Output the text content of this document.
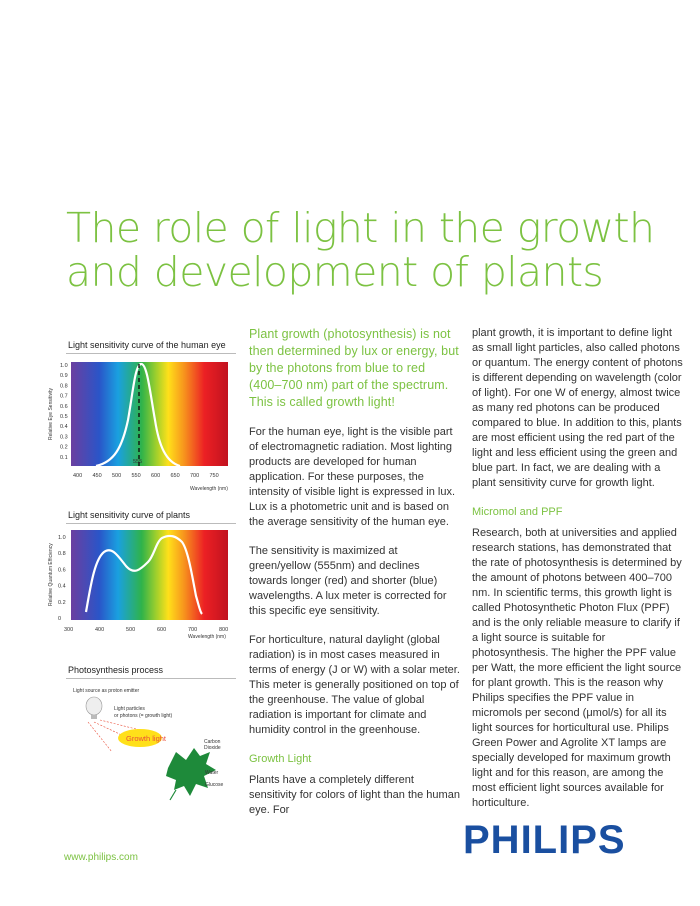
The role of light in the growth
and development of plants
Light sensitivity curve of the human eye
1.0
0.9
0.8
0.7
0.6
0.5
0.4
0.3
0.2
0.1
400 450 500 550 600 650 700 750
555
Wavelength (nm)
Relative Eye Sensitivity
Light sensitivity curve of plants
1.0
0.8
0.6
0.4
0.2
0
300	400	500	600	700	800
Wavelength (nm)
Relative Quantum Efficiency
Photosynthesis process
Light source as proton emitter
Light particles
or photons (= growth light)
Growth light	Carbon
Dioxide
Water
Glucose

Plant growth (photosynthesis) is not then determined by lux or energy, but by the photons from blue to red (400–700 nm) part of the spectrum. This is called growth light!

For the human eye, light is the visible part of electromagnetic radiation. Most lighting products are developed for human application. For these purposes, the intensity of visible light is expressed in lux. Lux is a photometric unit and is based on the average sensitivity of the human eye.

The sensitivity is maximized at green/yellow (555nm) and declines towards longer (red) and shorter (blue) wavelengths. A lux meter is corrected for this specific eye sensitivity.

For horticulture, natural daylight (global radiation) is in most cases measured in terms of energy (J or W) with a solar meter. This meter is generally positioned on top of the greenhouse. The value of global radiation is important for climate and humidity control in the greenhouse.

Growth Light

Plants have a completely different sensitivity for colors of light than the human eye. For

plant growth, it is important to define light as small light particles, also called photons or quantum. The energy content of photons is different depending on wavelength (color of light). For one W of energy, almost twice as many red photons can be produced compared to blue. In addition to this, plants are most efficient using the red part of the light and less efficient using the green and blue part. In fact, we are dealing with a plant sensitivity curve for growth light.

Micromol and PPF

Research, both at universities and applied research stations, has demonstrated that the rate of photosynthesis is determined by the amount of photons between 400–700 nm. In scientific terms, this growth light is called Photosynthetic Photon Flux (PPF) and is the only reliable measure to clarify if a light source is suitable for photosynthesis. The higher the PPF value per Watt, the more efficient the light source for plant growth. This is the reason why Philips specifies the PPF value in micromols per second (μmol/s) for all its light sources for horticultural use. Philips Green Power and Agrolite XT lamps are specially developed for maximum growth light and for this reason, are among the most efficient light sources available for horticulture.

www.philips.com	PHILIPS
